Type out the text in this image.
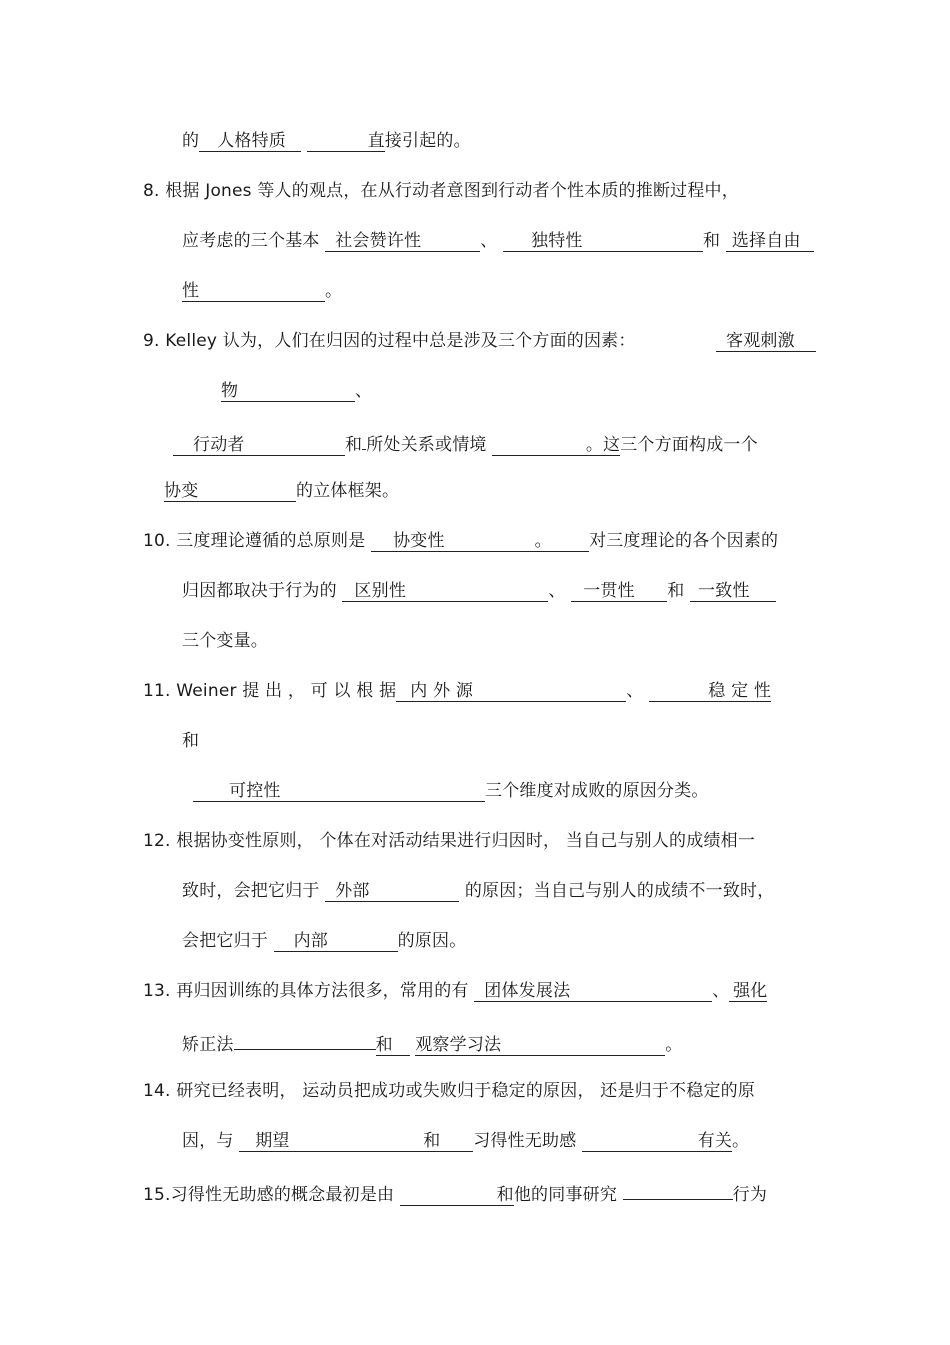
的 人格特质	直接引起的。
8. 根据 Jones 等人的观点，在从行动者意图到行动者个性本质的推断过程中，
应考虑的三个基本 社会赞许性	、 独特性	和 选择自由
性	。
9. Kelley 认为，人们在归因的过程中总是涉及三个方面的因素：	客观刺激
物	、
行动者	和 所处关系或情境	。这三个方面构成一个
协变	的立体框架。
10. 三度理论遵循的总原则是 协变性	。 对三度理论的各个因素的
归因都取决于行为的 区别性	、 一贯性 和 一致性
三个变量。
11. Weiner 提 出 ， 可 以 根 据 内 外 源	、	稳 定 性
和
可控性	三个维度对成败的原因分类。
12. 根据协变性原则， 个体在对活动结果进行归因时， 当自己与别人的成绩相一
致时，会把它归于 外部	的原因；当自己与别人的成绩不一致时，
会把它归于 内部	的原因。
13. 再归因训练的具体方法很多，常用的有 团体发展法	、 强化
矫正法	和 观察学习法	。
14. 研究已经表明， 运动员把成功或失败归于稳定的原因， 还是归于不稳定的原
因，与 期望	和 习得性无助感	有关。
15.习得性无助感的概念最初是由	和他的同事研究	行为
